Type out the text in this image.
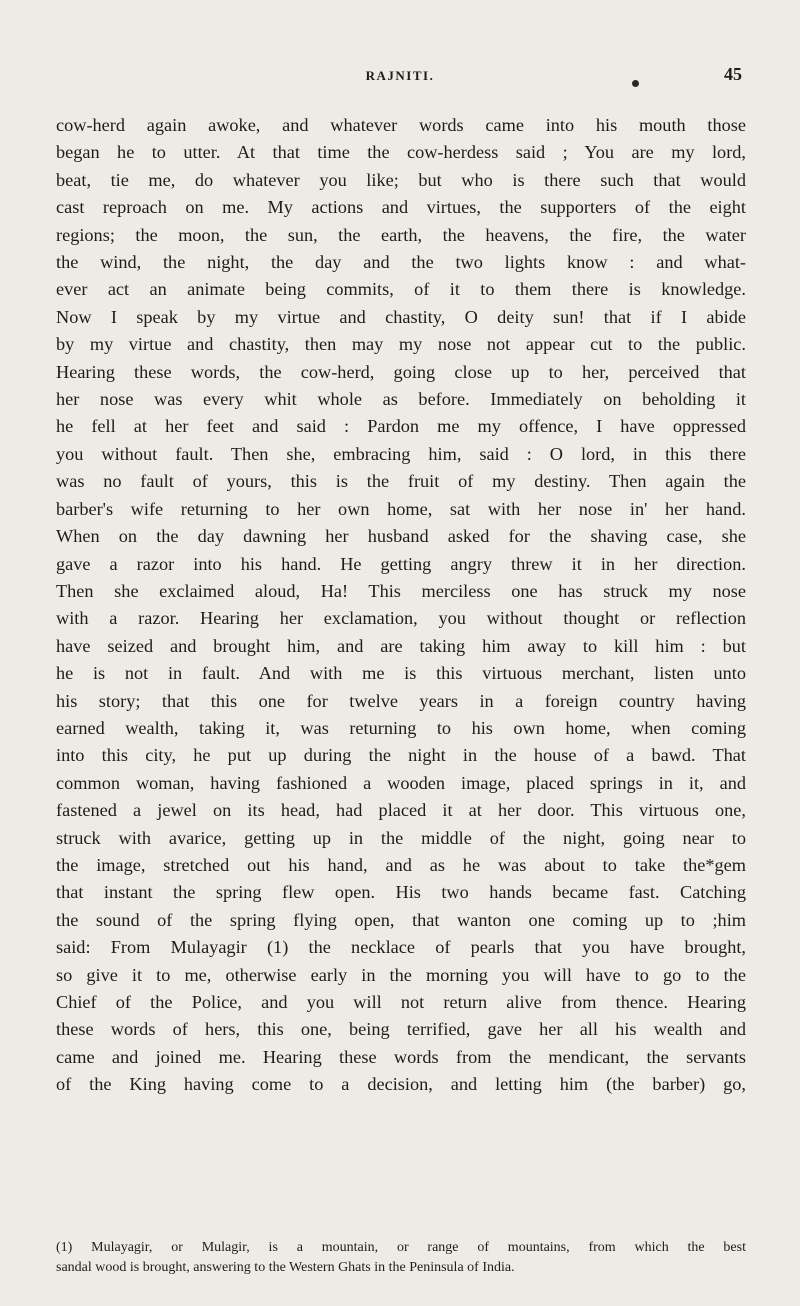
RAJNITI.	45
cow-herd again awoke, and whatever words came into his mouth those
began he to utter. At that time the cow-herdess said ; You are my lord,
beat, tie me, do whatever you like; but who is there such that would
cast reproach on me. My actions and virtues, the supporters of the eight
regions; the moon, the sun, the earth, the heavens, the fire, the water
the wind, the night, the day and the two lights know : and what-
ever act an animate being commits, of it to them there is knowledge.
Now I speak by my virtue and chastity, O deity sun! that if I abide
by my virtue and chastity, then may my nose not appear cut to the public.
Hearing these words, the cow-herd, going close up to her, perceived that
her nose was every whit whole as before. Immediately on beholding it
he fell at her feet and said : Pardon me my offence, I have oppressed
you without fault. Then she, embracing him, said : O lord, in this there
was no fault of yours, this is the fruit of my destiny. Then again the
barber's wife returning to her own home, sat with her nose in' her hand.
When on the day dawning her husband asked for the shaving case, she
gave a razor into his hand. He getting angry threw it in her direction.
Then she exclaimed aloud, Ha! This merciless one has struck my nose
with a razor. Hearing her exclamation, you without thought or reflection
have seized and brought him, and are taking him away to kill him : but
he is not in fault. And with me is this virtuous merchant, listen unto
his story; that this one for twelve years in a foreign country having
earned wealth, taking it, was returning to his own home, when coming
into this city, he put up during the night in the house of a bawd. That
common woman, having fashioned a wooden image, placed springs in it, and
fastened a jewel on its head, had placed it at her door. This virtuous one,
struck with avarice, getting up in the middle of the night, going near to
the image, stretched out his hand, and as he was about to take the*gem
that instant the spring flew open. His two hands became fast. Catching
the sound of the spring flying open, that wanton one coming up to ;him
said: From Mulayagir (1) the necklace of pearls that you have brought,
so give it to me, otherwise early in the morning you will have to go to the
Chief of the Police, and you will not return alive from thence. Hearing
these words of hers, this one, being terrified, gave her all his wealth and
came and joined me. Hearing these words from the mendicant, the servants
of the King having come to a decision, and letting him (the barber) go,
(1) Mulayagir, or Mulagir, is a mountain, or range of mountains, from which the best
sandal wood is brought, answering to the Western Ghats in the Peninsula of India.
